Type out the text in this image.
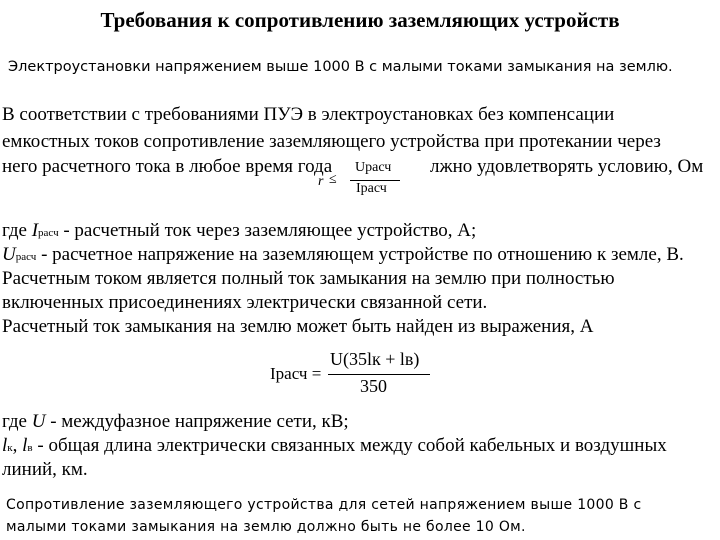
Требования к сопротивлению заземляющих устройств
Электроустановки напряжением выше 1000 В с малыми токами замыкания на землю.
В соответствии с требованиями ПУЭ в электроустановках без компенсации
емкостных токов сопротивление заземляющего устройства при протекании через
него расчетного тока в любое время года	лжно удовлетворять условию, Ом
r ≤
Uрасч
Iрасч
где Iрасч - расчетный ток через заземляющее устройство, А;
Uрасч - расчетное напряжение на заземляющем устройстве по отношению к земле, В.
Расчетным током является полный ток замыкания на землю при полностью
включенных присоединениях электрически связанной сети.
Расчетный ток замыкания на землю может быть найден из выражения, А
Iрасч =
U(35lк + lв)
350
где U - междуфазное напряжение сети, кВ;
lк, lв - общая длина электрически связанных между собой кабельных и воздушных
линий, км.
Сопротивление заземляющего устройства для сетей напряжением выше 1000 В с
малыми токами замыкания на землю должно быть не более 10 Ом.
